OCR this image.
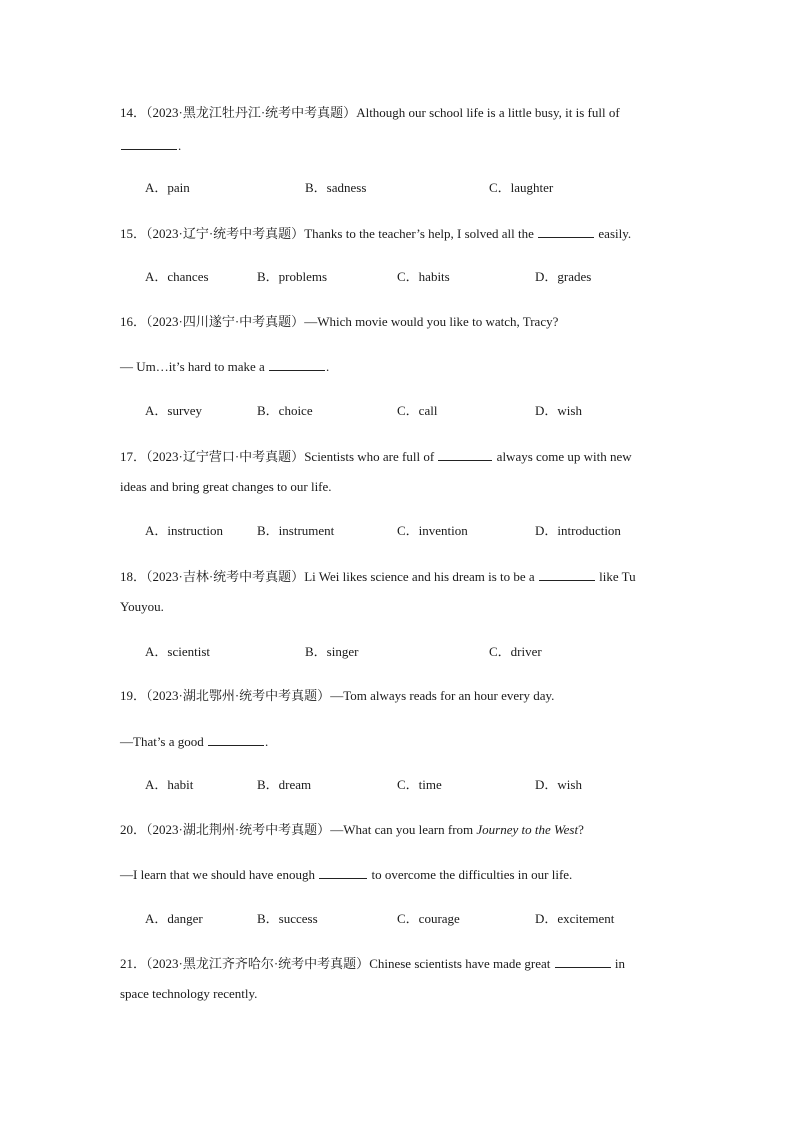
14．（2023·黑龙江牡丹江·统考中考真题）Although our school life is a little busy, it is full of
.
A．pain	B．sadness	C．laughter
15．（2023·辽宁·统考中考真题）Thanks to the teacher’s help, I solved all the	easily.
A．chances	B．problems	C．habits	D．grades
16．（2023·四川遂宁·中考真题）—Which movie would you like to watch, Tracy?
— Um…it’s hard to make a	.
A．survey	B．choice	C．call	D．wish
17．（2023·辽宁营口·中考真题）Scientists who are full of	always come up with new
ideas and bring great changes to our life.
A．instruction	B．instrument	C．invention	D．introduction
18．（2023·吉林·统考中考真题）Li Wei likes science and his dream is to be a	like Tu
Youyou.
A．scientist	B．singer	C．driver
19．（2023·湖北鄂州·统考中考真题）—Tom always reads for an hour every day.
—That’s a good	.
A．habit	B．dream	C．time	D．wish
20．（2023·湖北荆州·统考中考真题）—What can you learn from Journey to the West?
—I learn that we should have enough	to overcome the difficulties in our life.
A．danger	B．success	C．courage	D．excitement
21．（2023·黑龙江齐齐哈尔·统考中考真题）Chinese scientists have made great	in
space technology recently.
